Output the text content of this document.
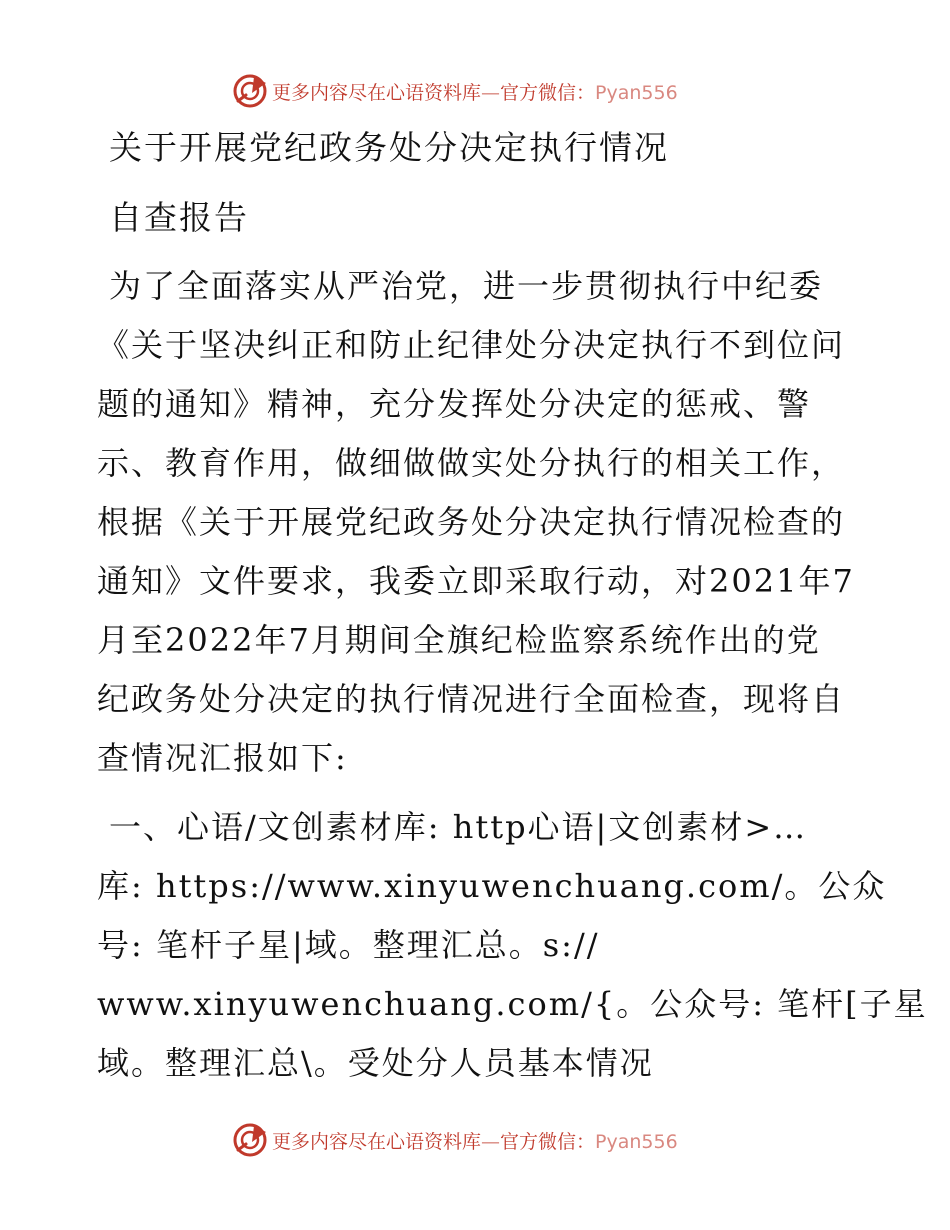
更多内容尽在心语资料库—官方微信：Pyan556
关于开展党纪政务处分决定执行情况
自查报告
为了全面落实从严治党，进一步贯彻执行中纪委
《关于坚决纠正和防止纪律处分决定执行不到位问
题的通知》精神，充分发挥处分决定的惩戒、警
示、教育作用，做细做做实处分执行的相关工作，
根据《关于开展党纪政务处分决定执行情况检查的
通知》文件要求，我委立即采取行动，对2021年7
月至2022年7月期间全旗纪检监察系统作出的党
纪政务处分决定的执行情况进行全面检查，现将自
查情况汇报如下:
一、心语/文创素材库: http心语|文创素材>…
库: https://www.xinyuwenchuang.com/。公众
号: 笔杆子星|域。整理汇总。s://
www.xinyuwenchuang.com/{。公众号: 笔杆[子星
域。整理汇总\。受处分人员基本情况
更多内容尽在心语资料库—官方微信：Pyan556
